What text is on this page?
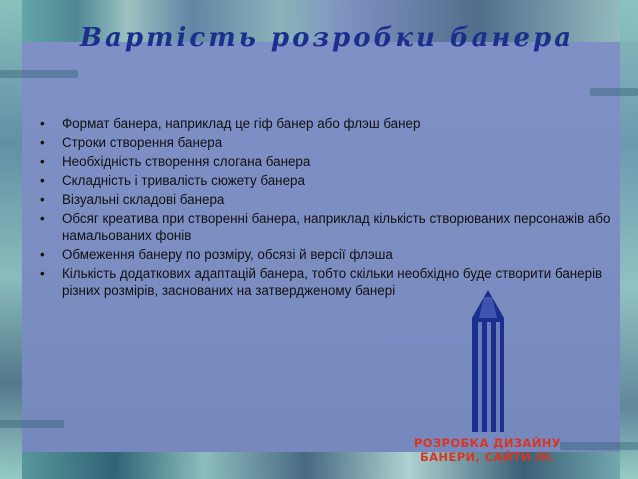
Вартість розробки банера
•	Формат банера, наприклад це гіф банер або флэш банер
•	Строки створення банера
•	Необхідність створення слогана банера
•	Складність і тривалість сюжету банера
•	Візуальні складові банера
•	Обсяг креатива при створенні банера, наприклад кількість створюваних персонажів або намальованих фонів
•	Обмеження банеру по розміру, обсязі й версії флэша
•	Кількість додаткових адаптацій банера, тобто скільки необхідно буде створити банерів різних розмірів, заснованих на затвердженому банері
РОЗРОБКА ДИЗАЙНУ
БАНЕРИ, САЙТИ ІН.
